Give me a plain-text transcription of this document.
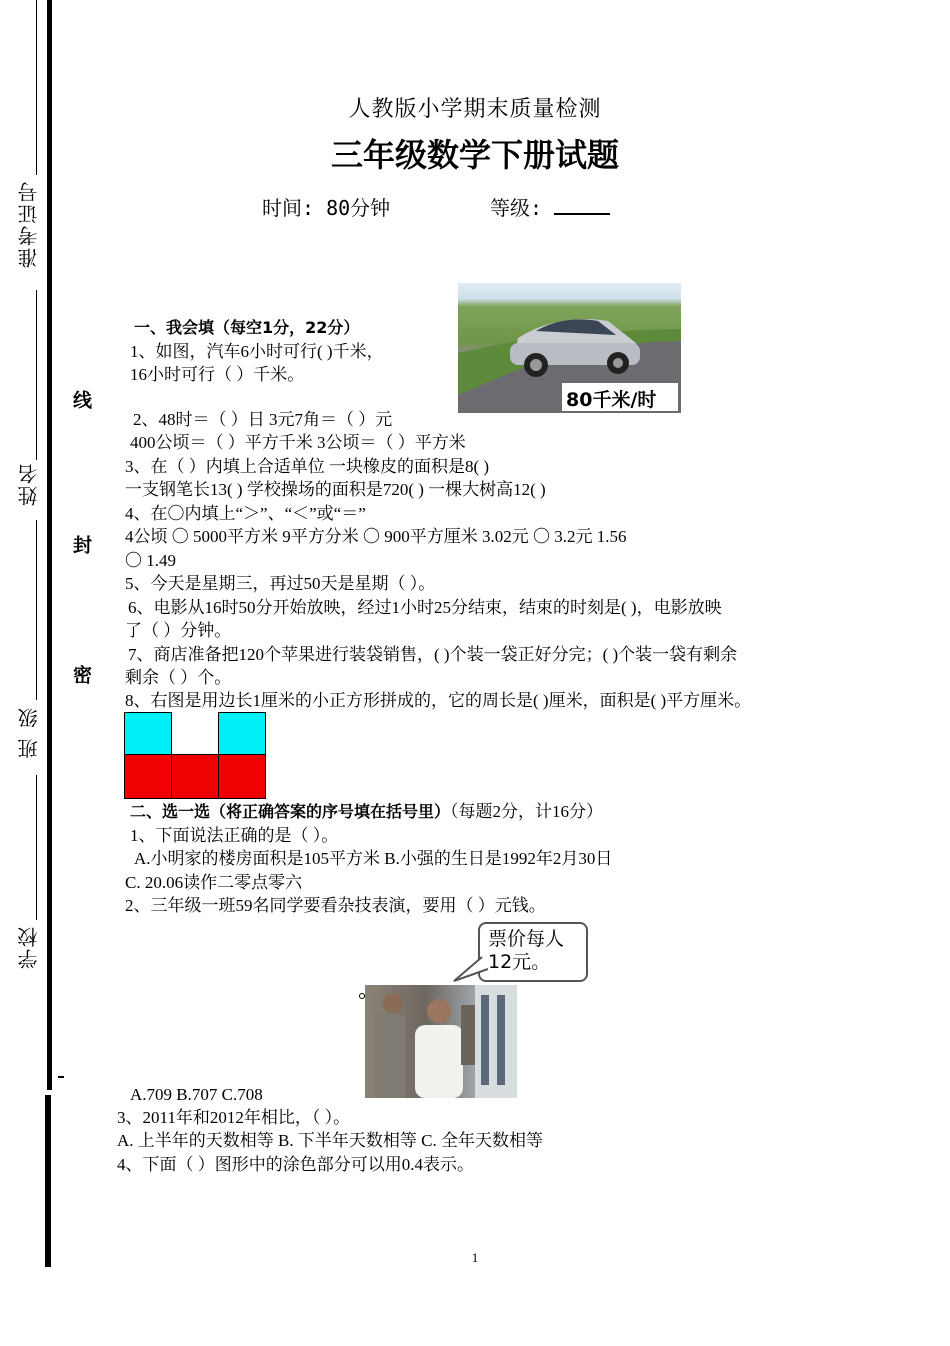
准考证号
姓名
班 级
学校
线
封
密
人教版小学期末质量检测
三年级数学下册试题
时间: 80分钟	等级:
80千米/时
一、我会填（每空1分，22分）
1、如图，汽车6小时可行( )千米，
16小时可行（ ）千米。
2、48时＝（ ）日 3元7角＝（ ）元
400公顷＝（ ）平方千米 3公顷＝（ ）平方米
3、在（ ）内填上合适单位 一块橡皮的面积是8( )
一支钢笔长13( ) 学校操场的面积是720( ) 一棵大树高12( )
4、在〇内填上“＞”、“＜”或“＝”
4公顷 〇 5000平方米 9平方分米 〇 900平方厘米 3.02元 〇 3.2元 1.56
〇 1.49
5、今天是星期三，再过50天是星期（ ）。
6、电影从16时50分开始放映，经过1小时25分结束，结束的时刻是( )，电影放映
了（ ）分钟。
7、商店准备把120个苹果进行装袋销售，( )个装一袋正好分完；( )个装一袋有剩余
剩余（ ）个。
8、右图是用边长1厘米的小正方形拼成的，它的周长是( )厘米，面积是( )平方厘米。
二、选一选（将正确答案的序号填在括号里）（每题2分，计16分）
1、下面说法正确的是（ ）。
A.小明家的楼房面积是105平方米 B.小强的生日是1992年2月30日
C. 20.06读作二零点零六
2、三年级一班59名同学要看杂技表演，要用（ ）元钱。
票价每人
12元。
A.709 B.707 C.708
3、2011年和2012年相比，（ ）。
A. 上半年的天数相等 B. 下半年天数相等 C. 全年天数相等
4、下面（ ）图形中的涂色部分可以用0.4表示。
1
